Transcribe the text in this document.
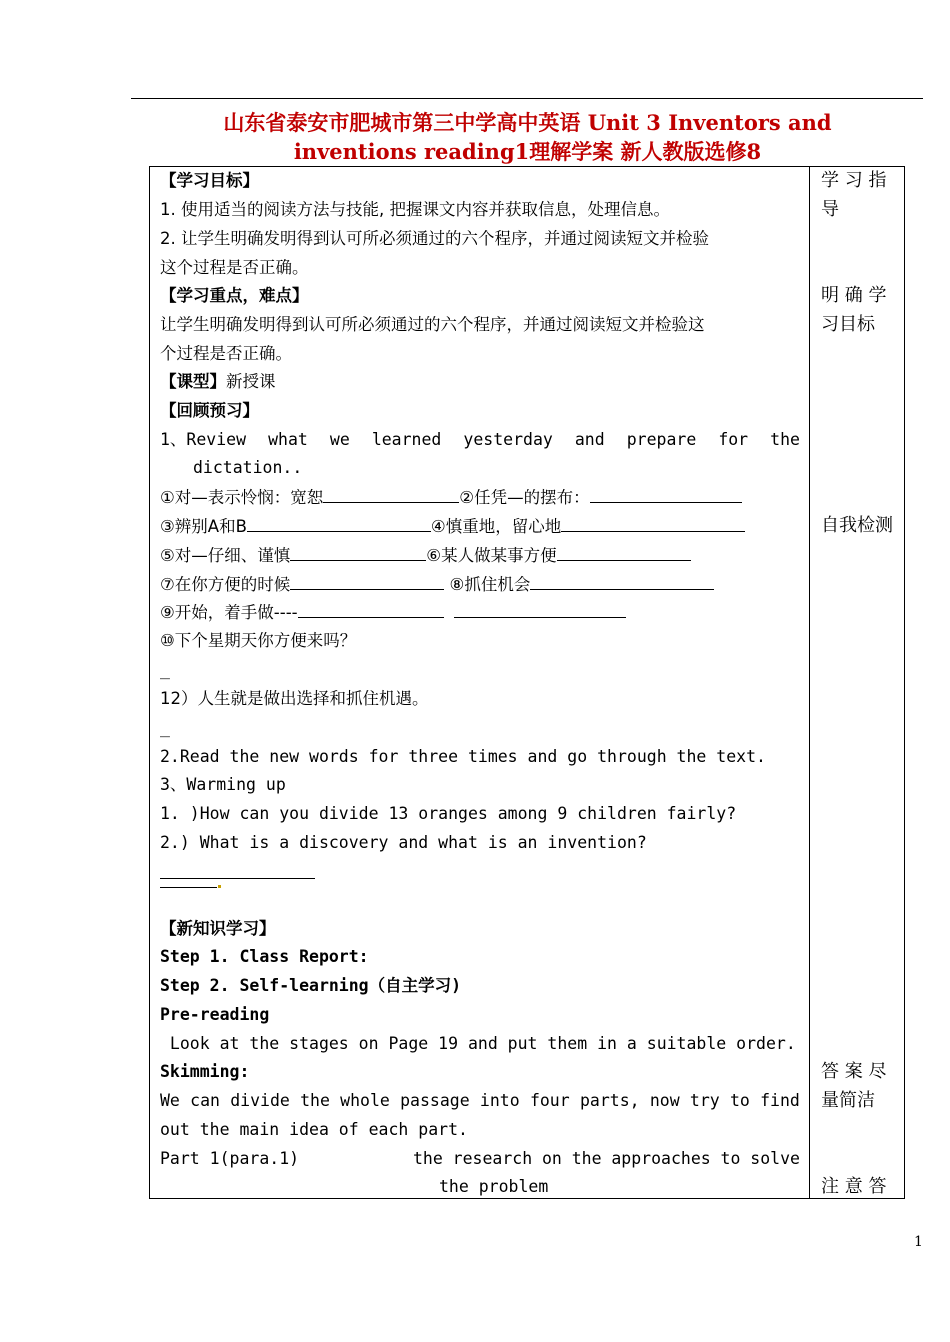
山东省泰安市肥城市第三中学高中英语 Unit 3 Inventors and
inventions reading1理解学案 新人教版选修8
【学习目标】
1. 使用适当的阅读方法与技能, 把握课文内容并获取信息，处理信息。
2. 让学生明确发明得到认可所必须通过的六个程序，并通过阅读短文并检验
这个过程是否正确。
【学习重点，难点】
让学生明确发明得到认可所必须通过的六个程序，并通过阅读短文并检验这
个过程是否正确。
【课型】新授课
【回顾预习】
1、Review what we learned yesterday and prepare for the
dictation..
①对—表示怜悯：宽恕	②任凭—的摆布：
③辨别A和B	④慎重地，留心地
⑤对—仔细、谨慎	⑥某人做某事方便
⑦在你方便的时候	⑧抓住机会
⑨开始，着手做----
⑩下个星期天你方便来吗？
_
12）人生就是做出选择和抓住机遇。
_
2.Read the new words for three times and go through the text.
3、Warming up
1. )How can you divide 13 oranges among 9 children fairly?
2.) What is a discovery and what is an invention?
【新知识学习】
Step 1. Class Report:
Step 2. Self-learning（自主学习)
Pre-reading
Look at the stages on Page 19 and put them in a suitable order.
Skimming:
We can divide the whole passage into four parts, now try to find
out the main idea of each part.
Part 1(para.1)	the research on the approaches to solve
the problem
学 习 指
导
明 确 学
习目标
自我检测
答 案 尽
量简洁
注 意 答
1
